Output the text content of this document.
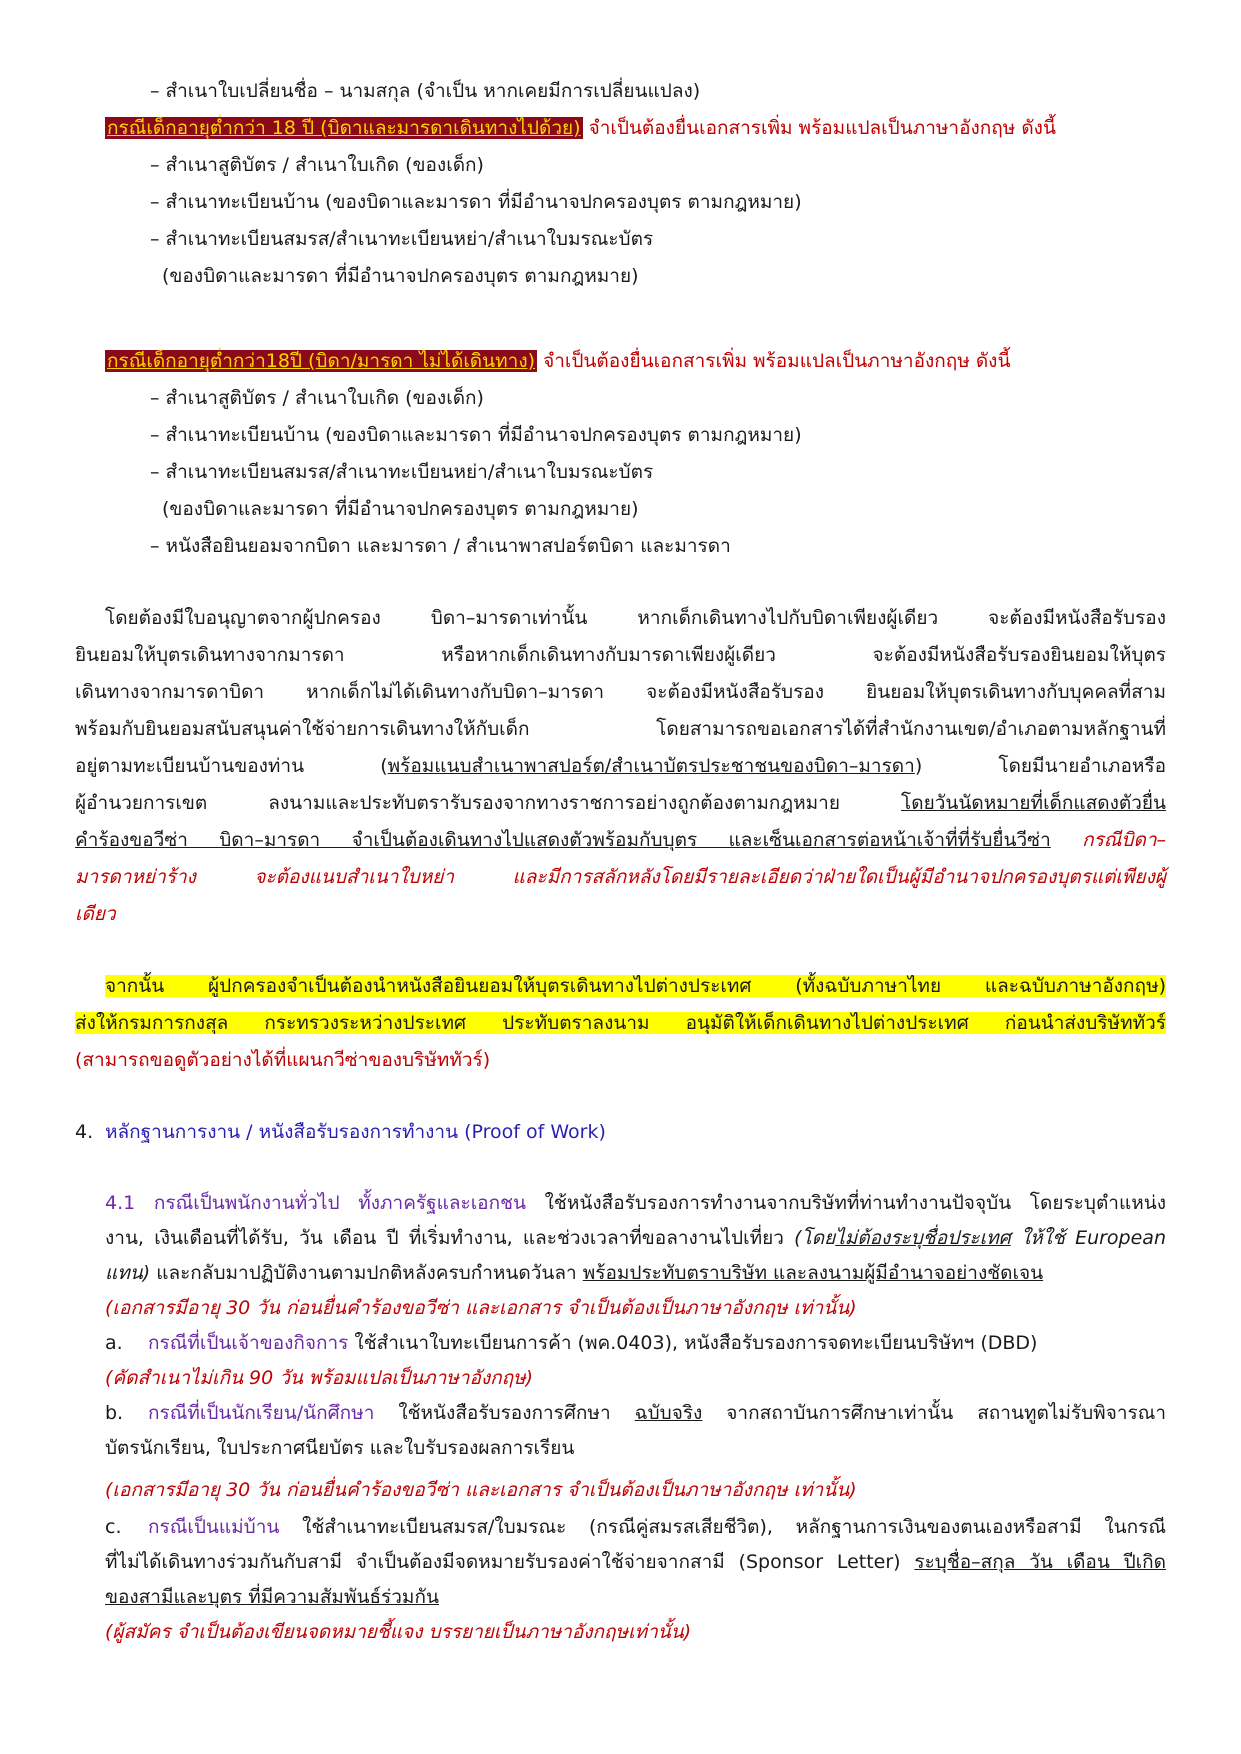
– สำเนาใบเปลี่ยนชื่อ – นามสกุล (จำเป็น หากเคยมีการเปลี่ยนแปลง)
กรณีเด็กอายุต่ำกว่า 18 ปี (บิดาและมารดาเดินทางไปด้วย) จำเป็นต้องยื่นเอกสารเพิ่ม พร้อมแปลเป็นภาษาอังกฤษ ดังนี้
– สำเนาสูติบัตร / สำเนาใบเกิด (ของเด็ก)
– สำเนาทะเบียนบ้าน (ของบิดาและมารดา ที่มีอำนาจปกครองบุตร ตามกฎหมาย)
– สำเนาทะเบียนสมรส/สำเนาทะเบียนหย่า/สำเนาใบมรณะบัตร
(ของบิดาและมารดา ที่มีอำนาจปกครองบุตร ตามกฎหมาย)
กรณีเด็กอายุต่ำกว่า18ปี (บิดา/มารดา ไม่ได้เดินทาง) จำเป็นต้องยื่นเอกสารเพิ่ม พร้อมแปลเป็นภาษาอังกฤษ ดังนี้
– สำเนาสูติบัตร / สำเนาใบเกิด (ของเด็ก)
– สำเนาทะเบียนบ้าน (ของบิดาและมารดา ที่มีอำนาจปกครองบุตร ตามกฎหมาย)
– สำเนาทะเบียนสมรส/สำเนาทะเบียนหย่า/สำเนาใบมรณะบัตร
(ของบิดาและมารดา ที่มีอำนาจปกครองบุตร ตามกฎหมาย)
– หนังสือยินยอมจากบิดา และมารดา / สำเนาพาสปอร์ตบิดา และมารดา
โดยต้องมีใบอนุญาตจากผู้ปกครอง บิดา–มารดาเท่านั้น หากเด็กเดินทางไปกับบิดาเพียงผู้เดียว จะต้องมีหนังสือรับรอง
ยินยอมให้บุตรเดินทางจากมารดา หรือหากเด็กเดินทางกับมารดาเพียงผู้เดียว จะต้องมีหนังสือรับรองยินยอมให้บุตร
เดินทางจากมารดาบิดา หากเด็กไม่ได้เดินทางกับบิดา–มารดา จะต้องมีหนังสือรับรอง ยินยอมให้บุตรเดินทางกับบุคคลที่สาม
พร้อมกับยินยอมสนับสนุนค่าใช้จ่ายการเดินทางให้กับเด็ก โดยสามารถขอเอกสารได้ที่สำนักงานเขต/อำเภอตามหลักฐานที่
อยู่ตามทะเบียนบ้านของท่าน (พร้อมแนบสำเนาพาสปอร์ต/สำเนาบัตรประชาชนของบิดา–มารดา) โดยมีนายอำเภอหรือ
ผู้อำนวยการเขต ลงนามและประทับตรารับรองจากทางราชการอย่างถูกต้องตามกฎหมาย โดยวันนัดหมายที่เด็กแสดงตัวยื่น
คำร้องขอวีซ่า บิดา–มารดา จำเป็นต้องเดินทางไปแสดงตัวพร้อมกับบุตร และเซ็นเอกสารต่อหน้าเจ้าที่ที่รับยื่นวีซ่า กรณีบิดา–
มารดาหย่าร้าง จะต้องแนบสำเนาใบหย่า และมีการสลักหลังโดยมีรายละเอียดว่าฝ่ายใดเป็นผู้มีอำนาจปกครองบุตรแต่เพียงผู้
เดียว
จากนั้น ผู้ปกครองจำเป็นต้องนำหนังสือยินยอมให้บุตรเดินทางไปต่างประเทศ (ทั้งฉบับภาษาไทย และฉบับภาษาอังกฤษ)
ส่งให้กรมการกงสุล กระทรวงระหว่างประเทศ ประทับตราลงนาม อนุมัติให้เด็กเดินทางไปต่างประเทศ ก่อนนำส่งบริษัททัวร์
(สามารถขอดูตัวอย่างได้ที่แผนกวีซ่าของบริษัททัวร์)
4. หลักฐานการงาน / หนังสือรับรองการทำงาน (Proof of Work)
4.1 กรณีเป็นพนักงานทั่วไป ทั้งภาครัฐและเอกชน ใช้หนังสือรับรองการทำงานจากบริษัทที่ท่านทำงานปัจจุบัน โดยระบุตำแหน่ง
งาน, เงินเดือนที่ได้รับ, วัน เดือน ปี ที่เริ่มทำงาน, และช่วงเวลาที่ขอลางานไปเที่ยว (โดยไม่ต้องระบุชื่อประเทศ ให้ใช้ European
แทน) และกลับมาปฏิบัติงานตามปกติหลังครบกำหนดวันลา พร้อมประทับตราบริษัท และลงนามผู้มีอำนาจอย่างชัดเจน
(เอกสารมีอายุ 30 วัน ก่อนยื่นคำร้องขอวีซ่า และเอกสาร จำเป็นต้องเป็นภาษาอังกฤษ เท่านั้น)
a. กรณีที่เป็นเจ้าของกิจการ ใช้สำเนาใบทะเบียนการค้า (พค.0403), หนังสือรับรองการจดทะเบียนบริษัทฯ (DBD)
(คัดสำเนาไม่เกิน 90 วัน พร้อมแปลเป็นภาษาอังกฤษ)
b. กรณีที่เป็นนักเรียน/นักศึกษา ใช้หนังสือรับรองการศึกษา ฉบับจริง จากสถาบันการศึกษาเท่านั้น สถานทูตไม่รับพิจารณา
บัตรนักเรียน, ใบประกาศนียบัตร และใบรับรองผลการเรียน
(เอกสารมีอายุ 30 วัน ก่อนยื่นคำร้องขอวีซ่า และเอกสาร จำเป็นต้องเป็นภาษาอังกฤษ เท่านั้น)
c. กรณีเป็นแม่บ้าน ใช้สำเนาทะเบียนสมรส/ใบมรณะ (กรณีคู่สมรสเสียชีวิต), หลักฐานการเงินของตนเองหรือสามี ในกรณี
ที่ไม่ได้เดินทางร่วมกันกับสามี จำเป็นต้องมีจดหมายรับรองค่าใช้จ่ายจากสามี (Sponsor Letter) ระบุชื่อ–สกุล วัน เดือน ปีเกิด
ของสามีและบุตร ที่มีความสัมพันธ์ร่วมกัน
(ผู้สมัคร จำเป็นต้องเขียนจดหมายชี้แจง บรรยายเป็นภาษาอังกฤษเท่านั้น)
